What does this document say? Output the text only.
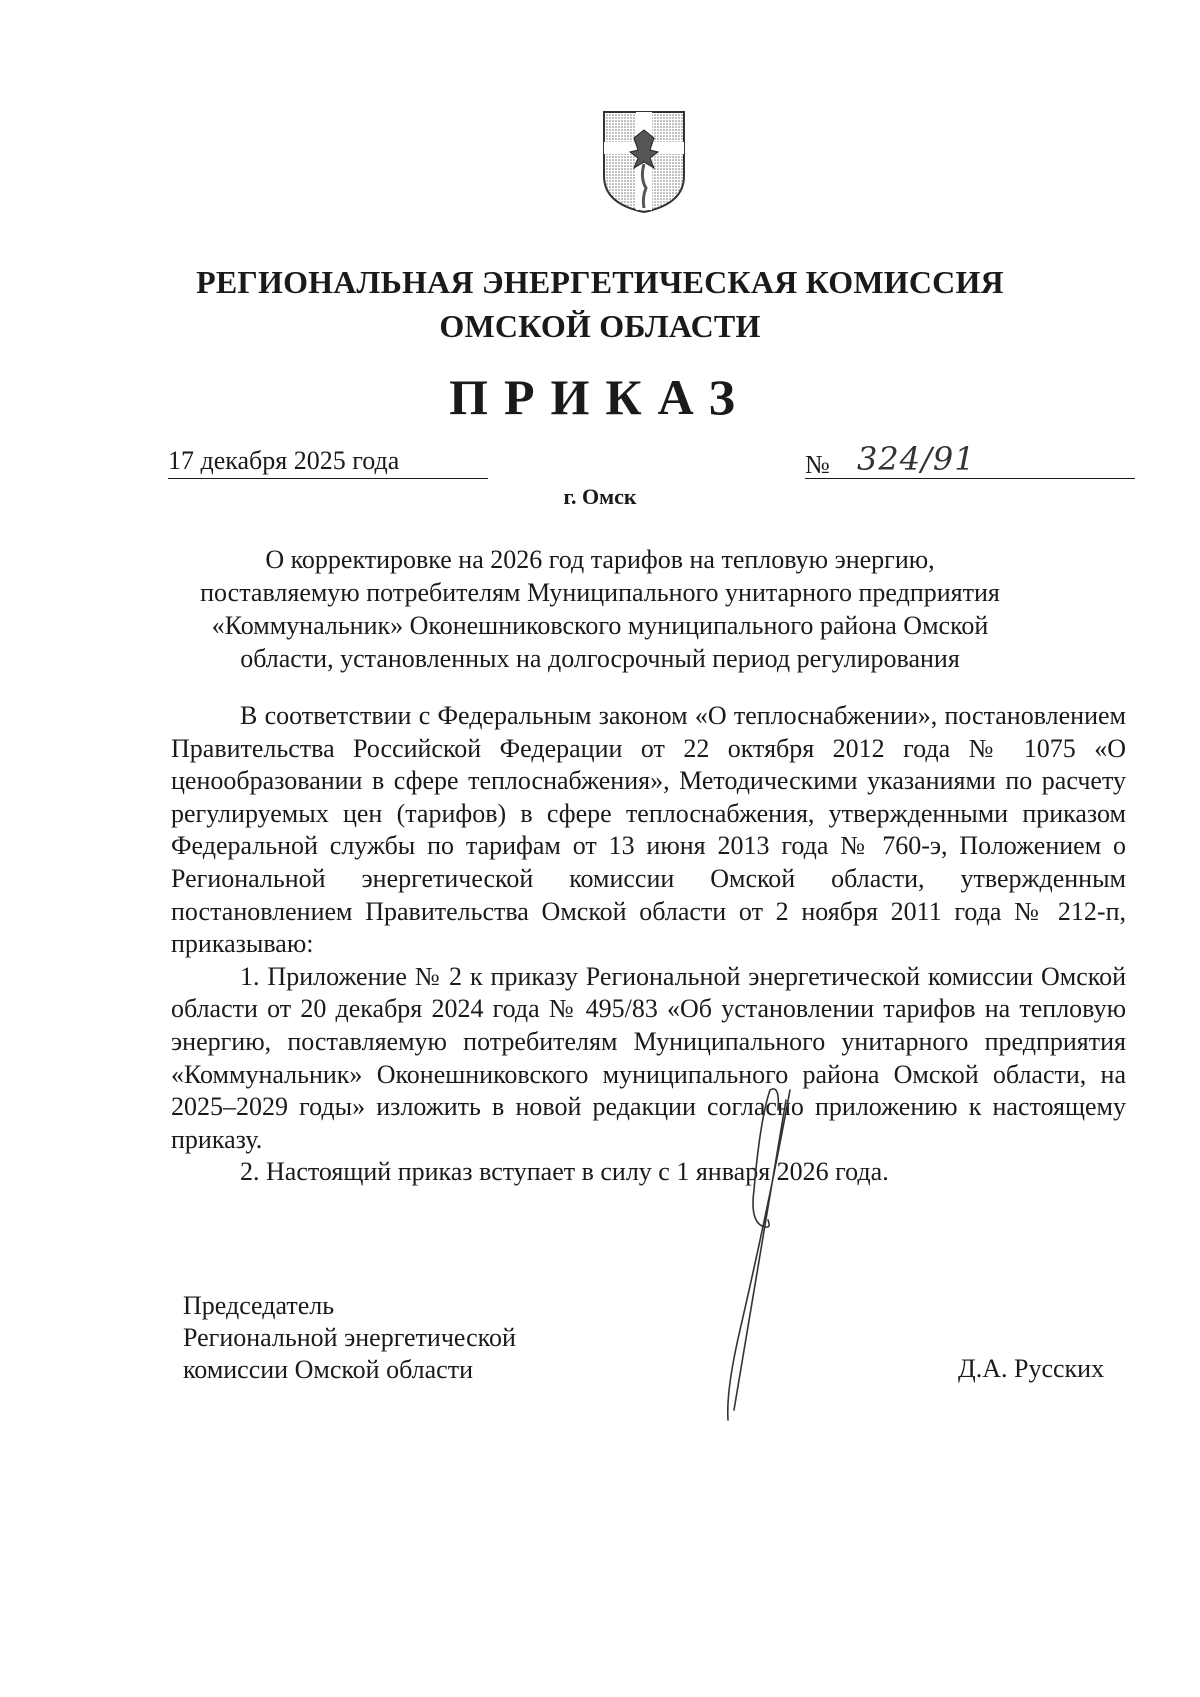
РЕГИОНАЛЬНАЯ ЭНЕРГЕТИЧЕСКАЯ КОМИССИЯ
ОМСКОЙ ОБЛАСТИ
ПРИКАЗ
17 декабря 2025 года	№ 324/91
г. Омск
О корректировке на 2026 год тарифов на тепловую энергию,
поставляемую потребителям Муниципального унитарного предприятия
«Коммунальник» Оконешниковского муниципального района Омской
области, установленных на долгосрочный период регулирования

В соответствии с Федеральным законом «О теплоснабжении», постановлением Правительства Российской Федерации от 22 октября 2012 года № 1075 «О ценообразовании в сфере теплоснабжения», Методическими указаниями по расчету регулируемых цен (тарифов) в сфере теплоснабжения, утвержденными приказом Федеральной службы по тарифам от 13 июня 2013 года № 760-э, Положением о Региональной энергетической комиссии Омской области, утвержденным постановлением Правительства Омской области от 2 ноября 2011 года № 212-п, приказываю:

1. Приложение № 2 к приказу Региональной энергетической комиссии Омской области от 20 декабря 2024 года № 495/83 «Об установлении тарифов на тепловую энергию, поставляемую потребителям Муниципального унитарного предприятия «Коммунальник» Оконешниковского муниципального района Омской области, на 2025–2029 годы» изложить в новой редакции согласно приложению к настоящему приказу.

2. Настоящий приказ вступает в силу с 1 января 2026 года.

Председатель
Региональной энергетической
комиссии Омской области	Д.А. Русских
